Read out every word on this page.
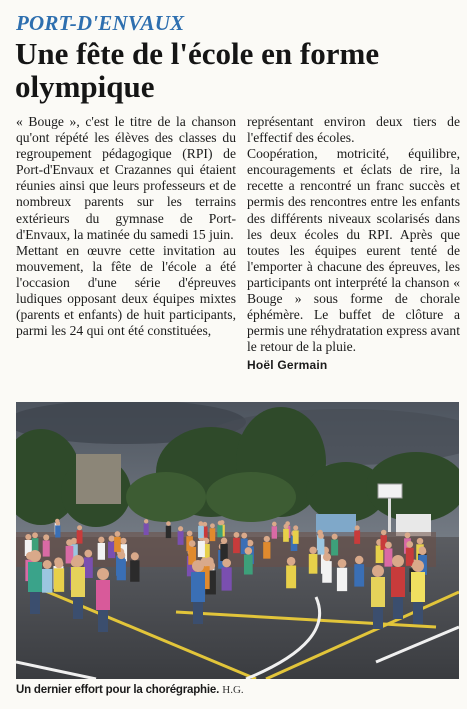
PORT-D'ENVAUX
Une fête de l'école en forme olympique

« Bouge », c'est le titre de la chanson qu'ont répété les élèves des classes du regroupement pédagogique (RPI) de Port-d'Envaux et Crazannes qui étaient réunies ainsi que leurs professeurs et de nombreux parents sur les terrains extérieurs du gymnase de Port-d'Envaux, la matinée du samedi 15 juin.

Mettant en œuvre cette invitation au mouvement, la fête de l'école a été l'occasion d'une série d'épreuves ludiques opposant deux équipes mixtes (parents et enfants) de huit participants, parmi les 24 qui ont été constituées,

représentant environ deux tiers de l'effectif des écoles.

Coopération, motricité, équilibre, encouragements et éclats de rire, la recette a rencontré un franc succès et permis des rencontres entre les enfants des différents niveaux scolarisés dans les deux écoles du RPI. Après que toutes les équipes eurent tenté de l'emporter à chacune des épreuves, les participants ont interprété la chanson « Bouge » sous forme de chorale éphémère. Le buffet de clôture a permis une réhydratation express avant le retour de la pluie.

Hoël Germain
Un dernier effort pour la chorégraphie. H.G.
